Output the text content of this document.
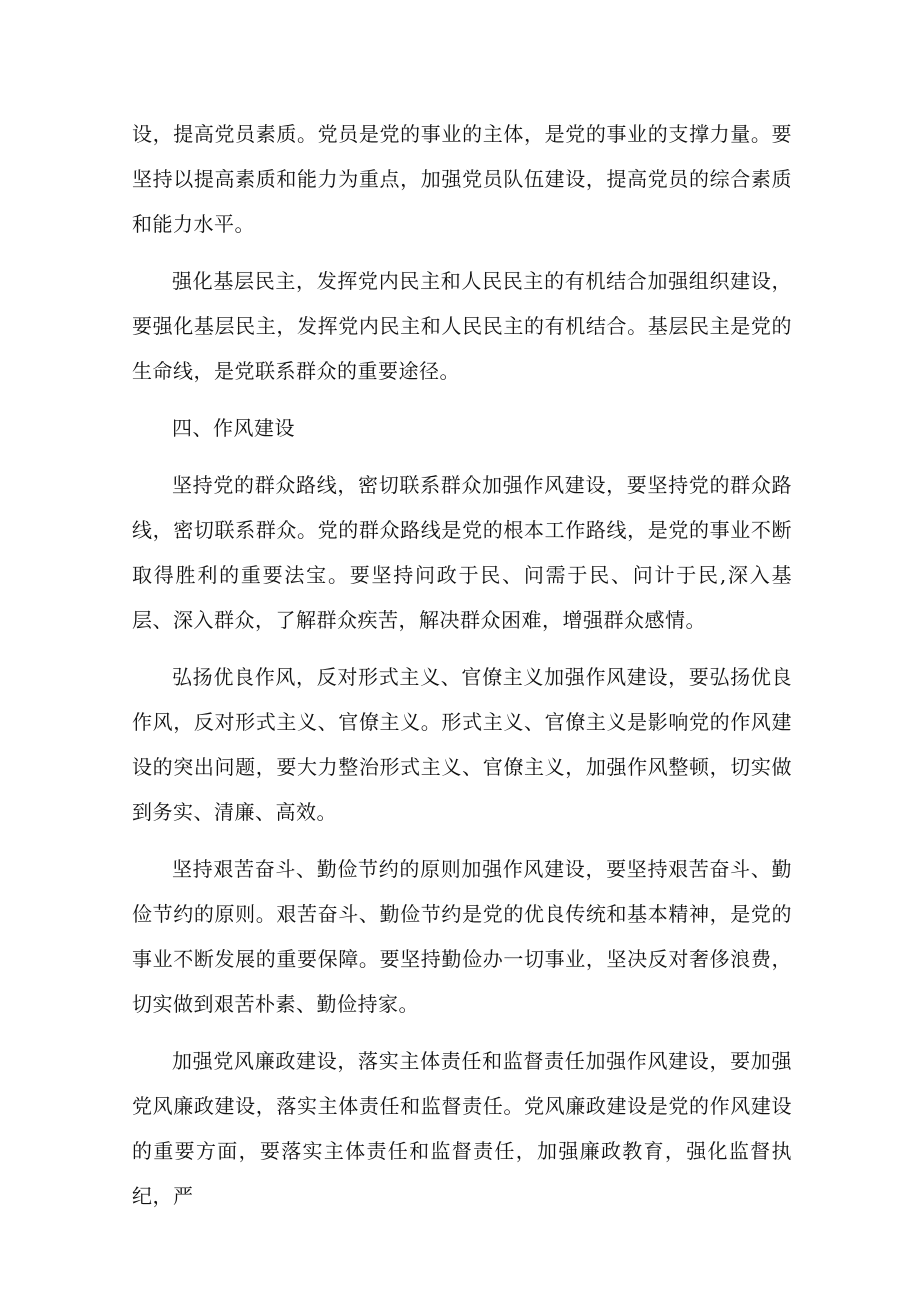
设，提高党员素质。党员是党的事业的主体，是党的事业的支撑力量。要坚持以提高素质和能力为重点，加强党员队伍建设，提高党员的综合素质和能力水平。

强化基层民主，发挥党内民主和人民民主的有机结合加强组织建设，要强化基层民主，发挥党内民主和人民民主的有机结合。基层民主是党的生命线，是党联系群众的重要途径。

四、作风建设

坚持党的群众路线，密切联系群众加强作风建设，要坚持党的群众路线，密切联系群众。党的群众路线是党的根本工作路线，是党的事业不断取得胜利的重要法宝。要坚持问政于民、问需于民、问计于民,深入基层、深入群众，了解群众疾苦，解决群众困难，增强群众感情。

弘扬优良作风，反对形式主义、官僚主义加强作风建设，要弘扬优良作风，反对形式主义、官僚主义。形式主义、官僚主义是影响党的作风建设的突出问题，要大力整治形式主义、官僚主义，加强作风整顿，切实做到务实、清廉、高效。

坚持艰苦奋斗、勤俭节约的原则加强作风建设，要坚持艰苦奋斗、勤俭节约的原则。艰苦奋斗、勤俭节约是党的优良传统和基本精神，是党的事业不断发展的重要保障。要坚持勤俭办一切事业，坚决反对奢侈浪费，切实做到艰苦朴素、勤俭持家。

加强党风廉政建设，落实主体责任和监督责任加强作风建设，要加强党风廉政建设，落实主体责任和监督责任。党风廉政建设是党的作风建设的重要方面，要落实主体责任和监督责任，加强廉政教育，强化监督执纪，严
